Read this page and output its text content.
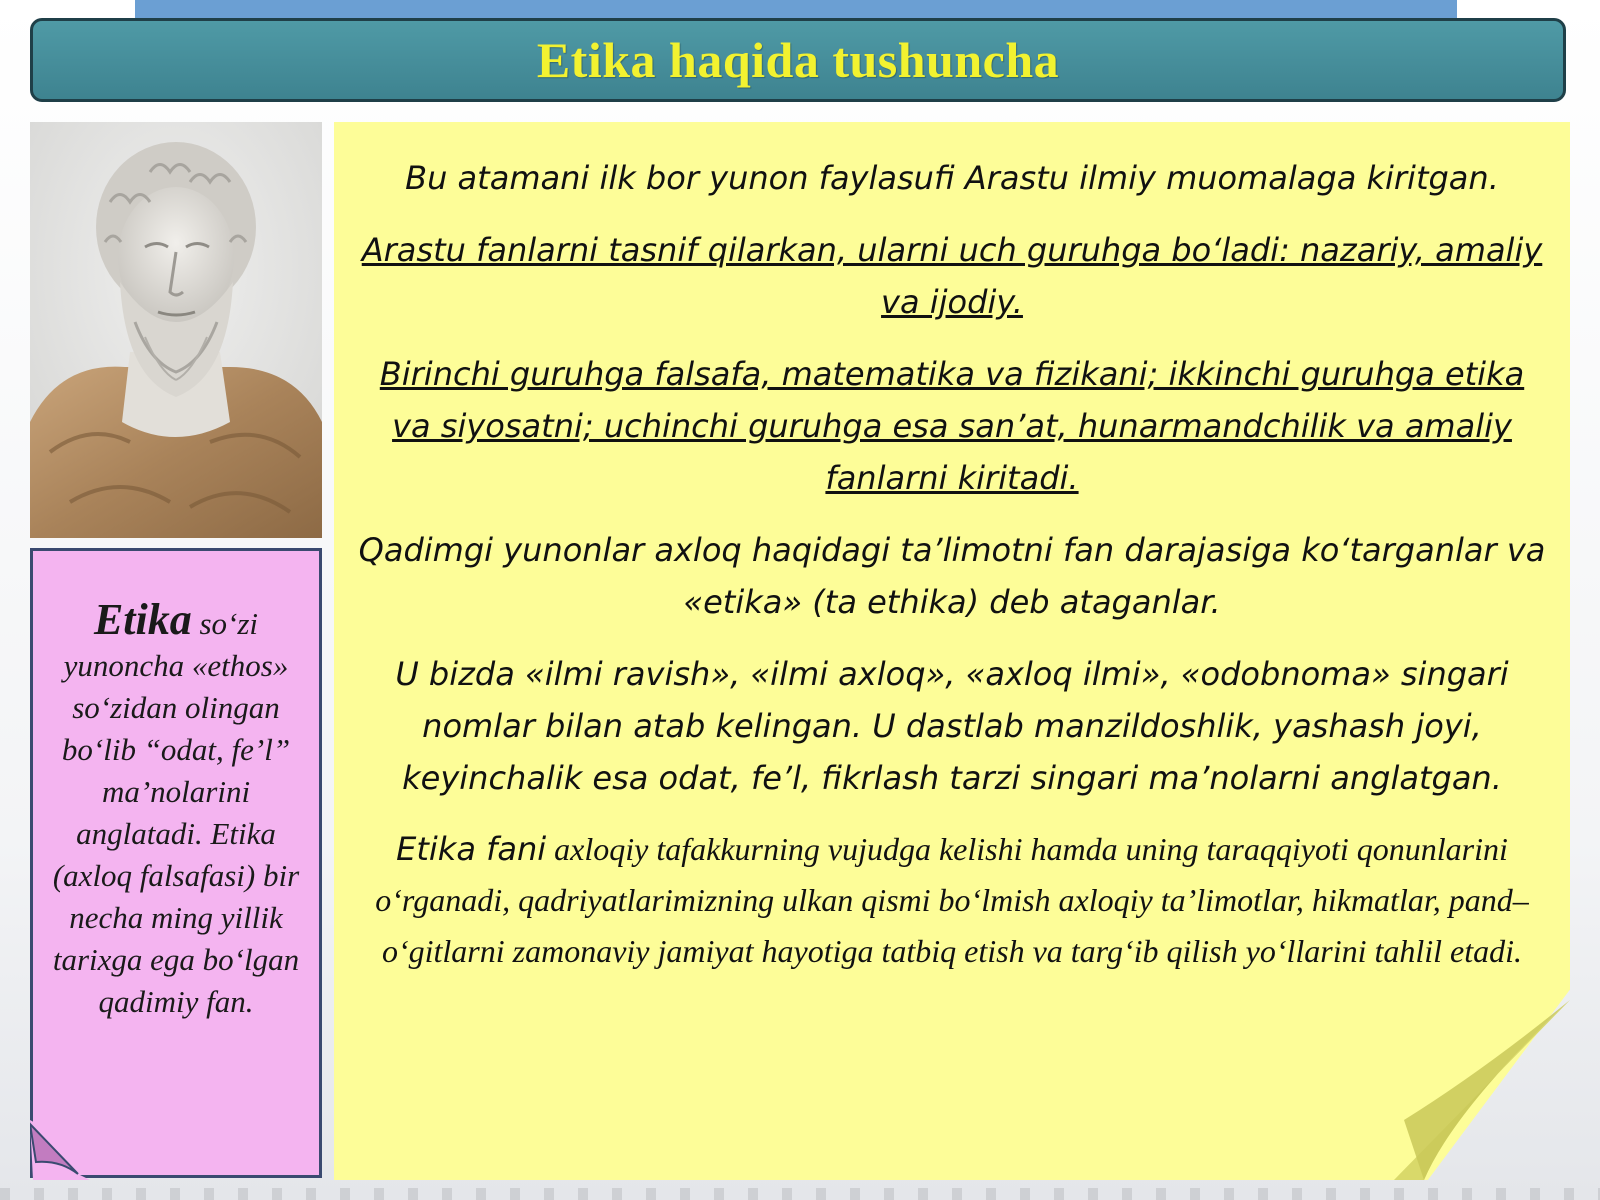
Etika haqida tushuncha
Etika so‘zi yunoncha «ethos» so‘zidan olingan bo‘lib “odat, fe’l” ma’nolarini anglatadi. Etika (axloq falsafasi) bir necha ming yillik tarixga ega bo‘lgan qadimiy fan.

Bu atamani ilk bor yunon faylasufi Arastu ilmiy muomalaga kiritgan.

Arastu fanlarni tasnif qilarkan, ularni uch guruhga bo‘ladi: nazariy, amaliy va ijodiy.

Birinchi guruhga falsafa, matematika va fizikani; ikkinchi guruhga etika va siyosatni; uchinchi guruhga esa san’at, hunarmandchilik va amaliy fanlarni kiritadi.

Qadimgi yunonlar axloq haqidagi ta’limotni fan darajasiga ko‘targanlar va «etika» (ta ethika) deb ataganlar.

U bizda «ilmi ravish», «ilmi axloq», «axloq ilmi», «odobnoma» singari nomlar bilan atab kelingan. U dastlab manzildoshlik, yashash joyi, keyinchalik esa odat, fe’l, fikrlash tarzi singari ma’nolarni anglatgan.

Etika fani axloqiy tafakkurning vujudga kelishi hamda uning taraqqiyoti qonunlarini o‘rganadi, qadriyatlarimizning ulkan qismi bo‘lmish axloqiy ta’limotlar, hikmatlar, pand–o‘gitlarni zamonaviy jamiyat hayotiga tatbiq etish va targ‘ib qilish yo‘llarini tahlil etadi.
